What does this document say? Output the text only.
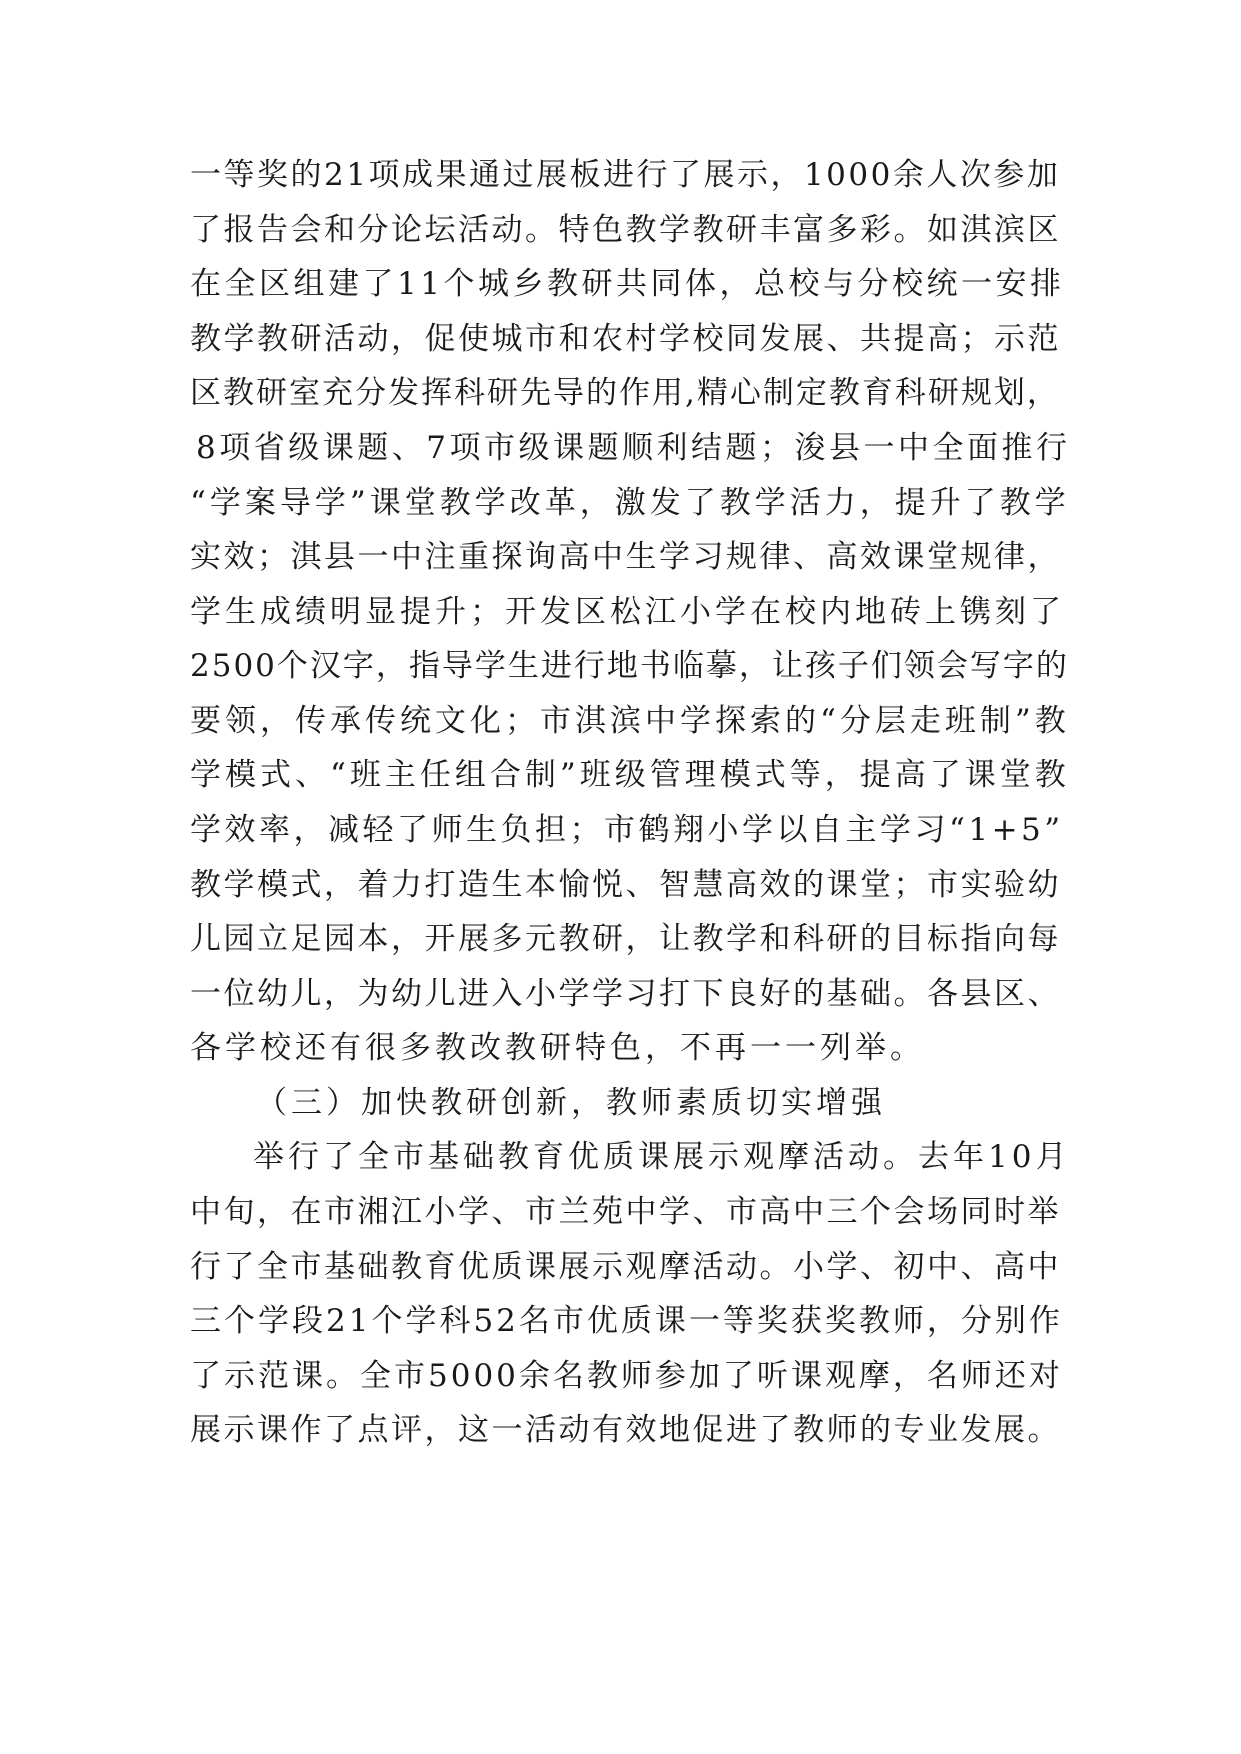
一等奖的21项成果通过展板进行了展示，1000余人次参加
了报告会和分论坛活动。特色教学教研丰富多彩。如淇滨区
在全区组建了11个城乡教研共同体，总校与分校统一安排
教学教研活动，促使城市和农村学校同发展、共提高；示范
区教研室充分发挥科研先导的作用,精心制定教育科研规划，
8项省级课题、7项市级课题顺利结题；浚县一中全面推行
“学案导学”课堂教学改革，激发了教学活力，提升了教学
实效；淇县一中注重探询高中生学习规律、高效课堂规律，
学生成绩明显提升；开发区松江小学在校内地砖上镌刻了
2500个汉字，指导学生进行地书临摹，让孩子们领会写字的
要领，传承传统文化；市淇滨中学探索的“分层走班制”教
学模式、“班主任组合制”班级管理模式等，提高了课堂教
学效率，减轻了师生负担；市鹤翔小学以自主学习“1+5”
教学模式，着力打造生本愉悦、智慧高效的课堂；市实验幼
儿园立足园本，开展多元教研，让教学和科研的目标指向每
一位幼儿，为幼儿进入小学学习打下良好的基础。各县区、
各学校还有很多教改教研特色，不再一一列举。
（三）加快教研创新，教师素质切实增强
举行了全市基础教育优质课展示观摩活动。去年10月
中旬，在市湘江小学、市兰苑中学、市高中三个会场同时举
行了全市基础教育优质课展示观摩活动。小学、初中、高中
三个学段21个学科52名市优质课一等奖获奖教师，分别作
了示范课。全市5000余名教师参加了听课观摩，名师还对
展示课作了点评，这一活动有效地促进了教师的专业发展。
